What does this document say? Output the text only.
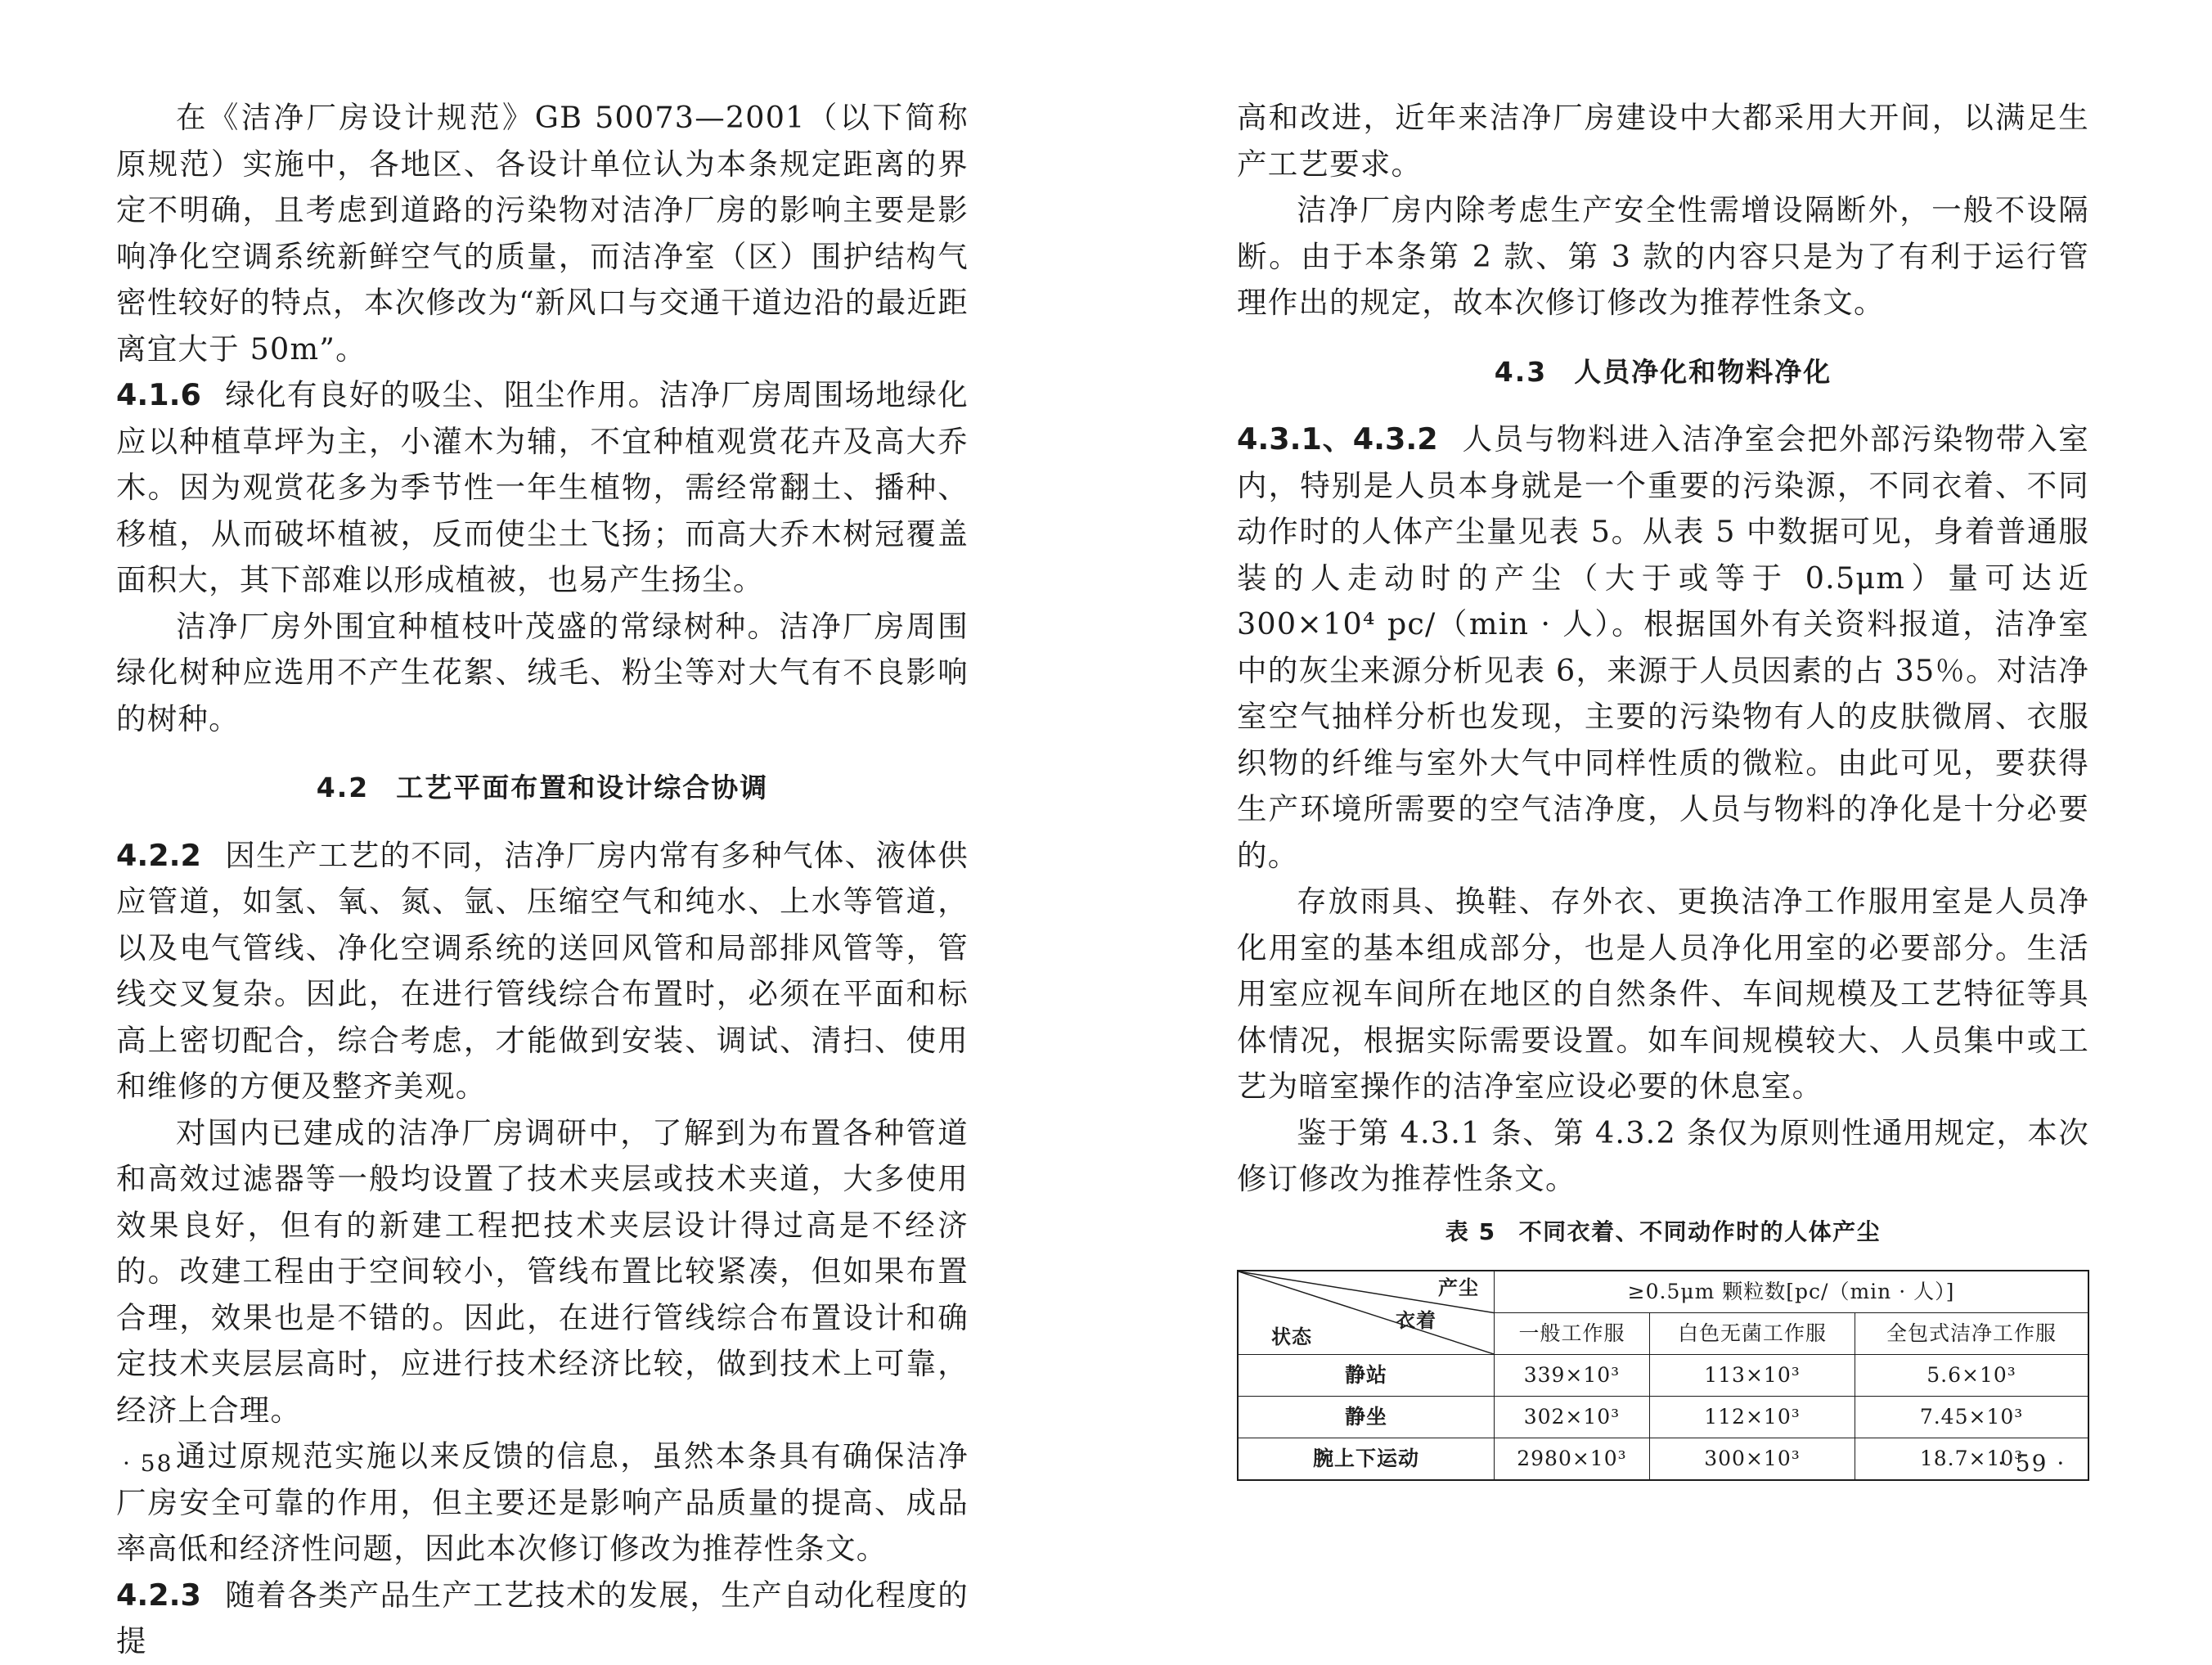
在《洁净厂房设计规范》GB 50073—2001（以下简称原规范）实施中，各地区、各设计单位认为本条规定距离的界定不明确，且考虑到道路的污染物对洁净厂房的影响主要是影响净化空调系统新鲜空气的质量，而洁净室（区）围护结构气密性较好的特点，本次修改为“新风口与交通干道边沿的最近距离宜大于 50m”。

4.1.6 绿化有良好的吸尘、阻尘作用。洁净厂房周围场地绿化应以种植草坪为主，小灌木为辅，不宜种植观赏花卉及高大乔木。因为观赏花多为季节性一年生植物，需经常翻土、播种、移植，从而破坏植被，反而使尘土飞扬；而高大乔木树冠覆盖面积大，其下部难以形成植被，也易产生扬尘。

洁净厂房外围宜种植枝叶茂盛的常绿树种。洁净厂房周围绿化树种应选用不产生花絮、绒毛、粉尘等对大气有不良影响的树种。

4.2 工艺平面布置和设计综合协调

4.2.2 因生产工艺的不同，洁净厂房内常有多种气体、液体供应管道，如氢、氧、氮、氩、压缩空气和纯水、上水等管道，以及电气管线、净化空调系统的送回风管和局部排风管等，管线交叉复杂。因此，在进行管线综合布置时，必须在平面和标高上密切配合，综合考虑，才能做到安装、调试、清扫、使用和维修的方便及整齐美观。

对国内已建成的洁净厂房调研中，了解到为布置各种管道和高效过滤器等一般均设置了技术夹层或技术夹道，大多使用效果良好，但有的新建工程把技术夹层设计得过高是不经济的。改建工程由于空间较小，管线布置比较紧凑，但如果布置合理，效果也是不错的。因此，在进行管线综合布置设计和确定技术夹层层高时，应进行技术经济比较，做到技术上可靠，经济上合理。

通过原规范实施以来反馈的信息，虽然本条具有确保洁净厂房安全可靠的作用，但主要还是影响产品质量的提高、成品率高低和经济性问题，因此本次修订修改为推荐性条文。

4.2.3 随着各类产品生产工艺技术的发展，生产自动化程度的提

· 58 ·

高和改进，近年来洁净厂房建设中大都采用大开间，以满足生产工艺要求。

洁净厂房内除考虑生产安全性需增设隔断外，一般不设隔断。由于本条第 2 款、第 3 款的内容只是为了有利于运行管理作出的规定，故本次修订修改为推荐性条文。

4.3 人员净化和物料净化

4.3.1、4.3.2 人员与物料进入洁净室会把外部污染物带入室内，特别是人员本身就是一个重要的污染源，不同衣着、不同动作时的人体产尘量见表 5。从表 5 中数据可见，身着普通服装的人走动时的产尘（大于或等于 0.5μm）量可达近 300×10⁴ pc/（min · 人）。根据国外有关资料报道，洁净室中的灰尘来源分析见表 6，来源于人员因素的占 35％。对洁净室空气抽样分析也发现，主要的污染物有人的皮肤微屑、衣服织物的纤维与室外大气中同样性质的微粒。由此可见，要获得生产环境所需要的空气洁净度，人员与物料的净化是十分必要的。

存放雨具、换鞋、存外衣、更换洁净工作服用室是人员净化用室的基本组成部分，也是人员净化用室的必要部分。生活用室应视车间所在地区的自然条件、车间规模及工艺特征等具体情况，根据实际需要设置。如车间规模较大、人员集中或工艺为暗室操作的洁净室应设必要的休息室。

鉴于第 4.3.1 条、第 4.3.2 条仅为原则性通用规定，本次修订修改为推荐性条文。

表 5 不同衣着、不同动作时的人体产尘
产尘
衣着
状态	≥0.5μm 颗粒数[pc/（min · 人）]		
	一般工作服	白色无菌工作服	全包式洁净工作服
静站	339×10³	113×10³	5.6×10³
静坐	302×10³	112×10³	7.45×10³
腕上下运动	2980×10³	300×10³	18.7×10³
· 59 ·
